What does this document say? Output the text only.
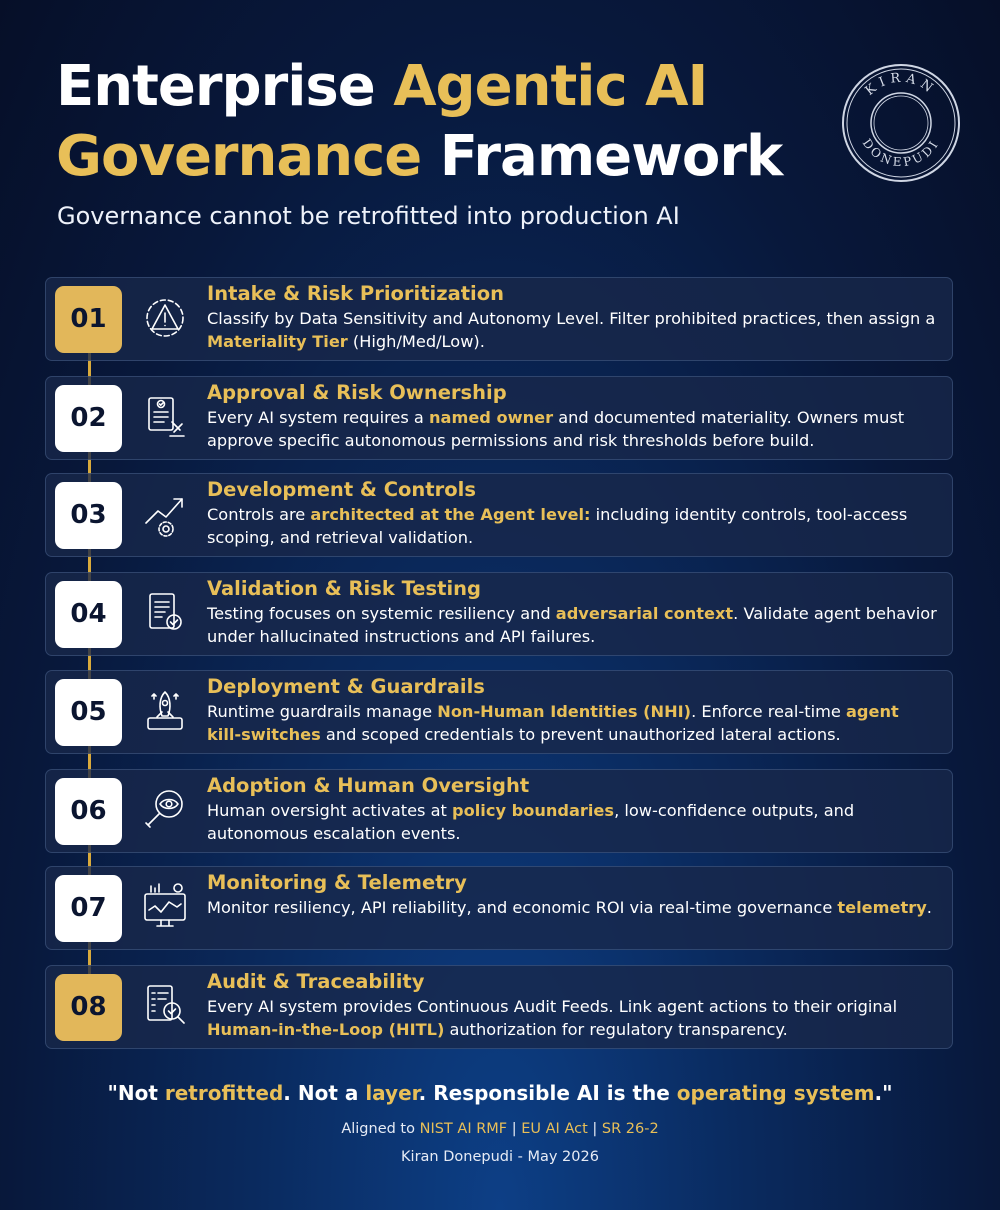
Enterprise Agentic AI
Governance Framework
Governance cannot be retrofitted into production AI
KIRAN
DONEPUDI
01
Intake & Risk Prioritization
Classify by Data Sensitivity and Autonomy Level. Filter prohibited practices, then assign a Materiality Tier (High/Med/Low).
02
Approval & Risk Ownership
Every AI system requires a named owner and documented materiality. Owners must approve specific autonomous permissions and risk thresholds before build.
03
Development & Controls
Controls are architected at the Agent level: including identity controls, tool-access scoping, and retrieval validation.
04
Validation & Risk Testing
Testing focuses on systemic resiliency and adversarial context. Validate agent behavior under hallucinated instructions and API failures.
05
Deployment & Guardrails
Runtime guardrails manage Non-Human Identities (NHI). Enforce real-time agent kill-switches and scoped credentials to prevent unauthorized lateral actions.
06
Adoption & Human Oversight
Human oversight activates at policy boundaries, low-confidence outputs, and autonomous escalation events.
07
Monitoring & Telemetry
Monitor resiliency, API reliability, and economic ROI via real-time governance telemetry.
08
Audit & Traceability
Every AI system provides Continuous Audit Feeds. Link agent actions to their original Human-in-the-Loop (HITL) authorization for regulatory transparency.
"Not retrofitted. Not a layer. Responsible AI is the operating system."
Aligned to NIST AI RMF | EU AI Act | SR 26-2
Kiran Donepudi - May 2026
